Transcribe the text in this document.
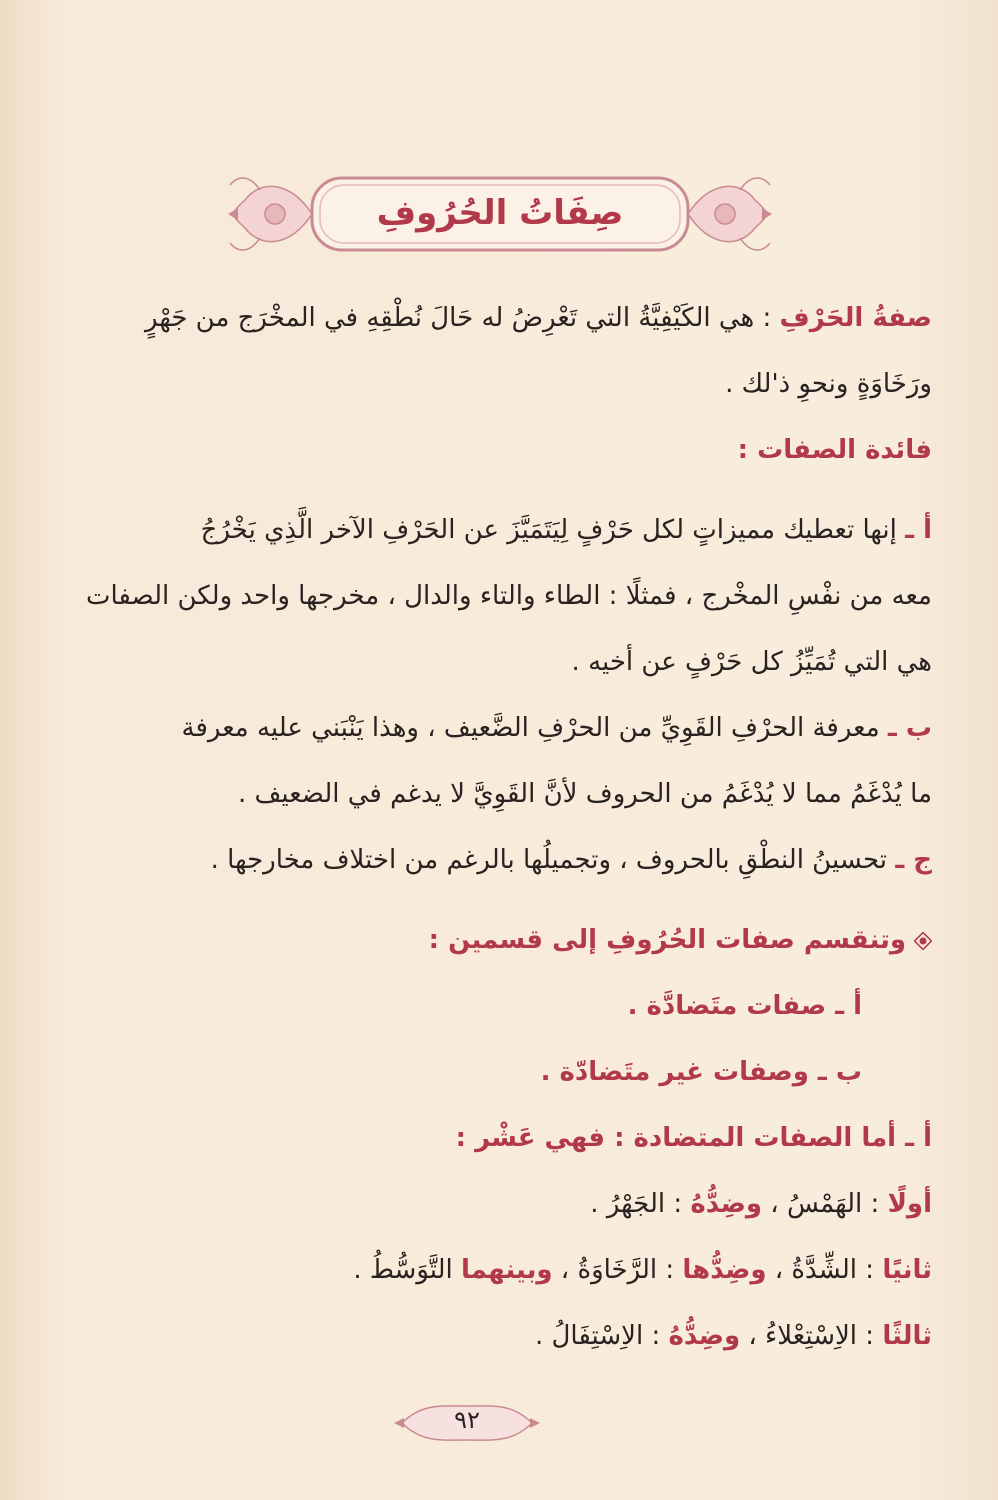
صِفَاتُ الحُرُوفِ
صفةُ الحَرْفِ : هي الكَيْفِيَّةُ التي تَعْرِضُ له حَالَ نُطْقِهِ في المخْرَج من جَهْرٍ
ورَخَاوَةٍ ونحوِ ذ'لك .
فائدة الصفات :
أ ـ إنها تعطيك مميزاتٍ لكل حَرْفٍ لِيَتَمَيَّزَ عن الحَرْفِ الآخر الَّذِي يَخْرُجُ
معه من نفْسِ المخْرج ، فمثلًا : الطاء والتاء والدال ، مخرجها واحد ولكن الصفات
هي التي تُمَيِّزُ كل حَرْفٍ عن أخيه .
ب ـ معرفة الحرْفِ القَوِيِّ من الحرْفِ الضَّعيف ، وهذا يَنْبَني عليه معرفة
ما يُدْغَمُ مما لا يُدْغَمُ من الحروف لأنَّ القَوِيَّ لا يدغم في الضعيف .
ج ـ تحسينُ النطْقِ بالحروف ، وتجميلُها بالرغم من اختلاف مخارجها .
وتنقسم صفات الحُرُوفِ إلى قسمين :
أ ـ صفات متَضادَّة .
ب ـ وصفات غير متَضادّة .
أ ـ أما الصفات المتضادة : فهي عَشْر :
أولًا : الهَمْسُ ، وضِدُّهُ : الجَهْرُ .
ثانيًا : الشِّدَّةُ ، وضِدُّها : الرَّخَاوَةُ ، وبينهما التَّوَسُّطُ .
ثالثًا : الاِسْتِعْلاءُ ، وضِدُّهُ : الاِسْتِفَالُ .
٩٢
